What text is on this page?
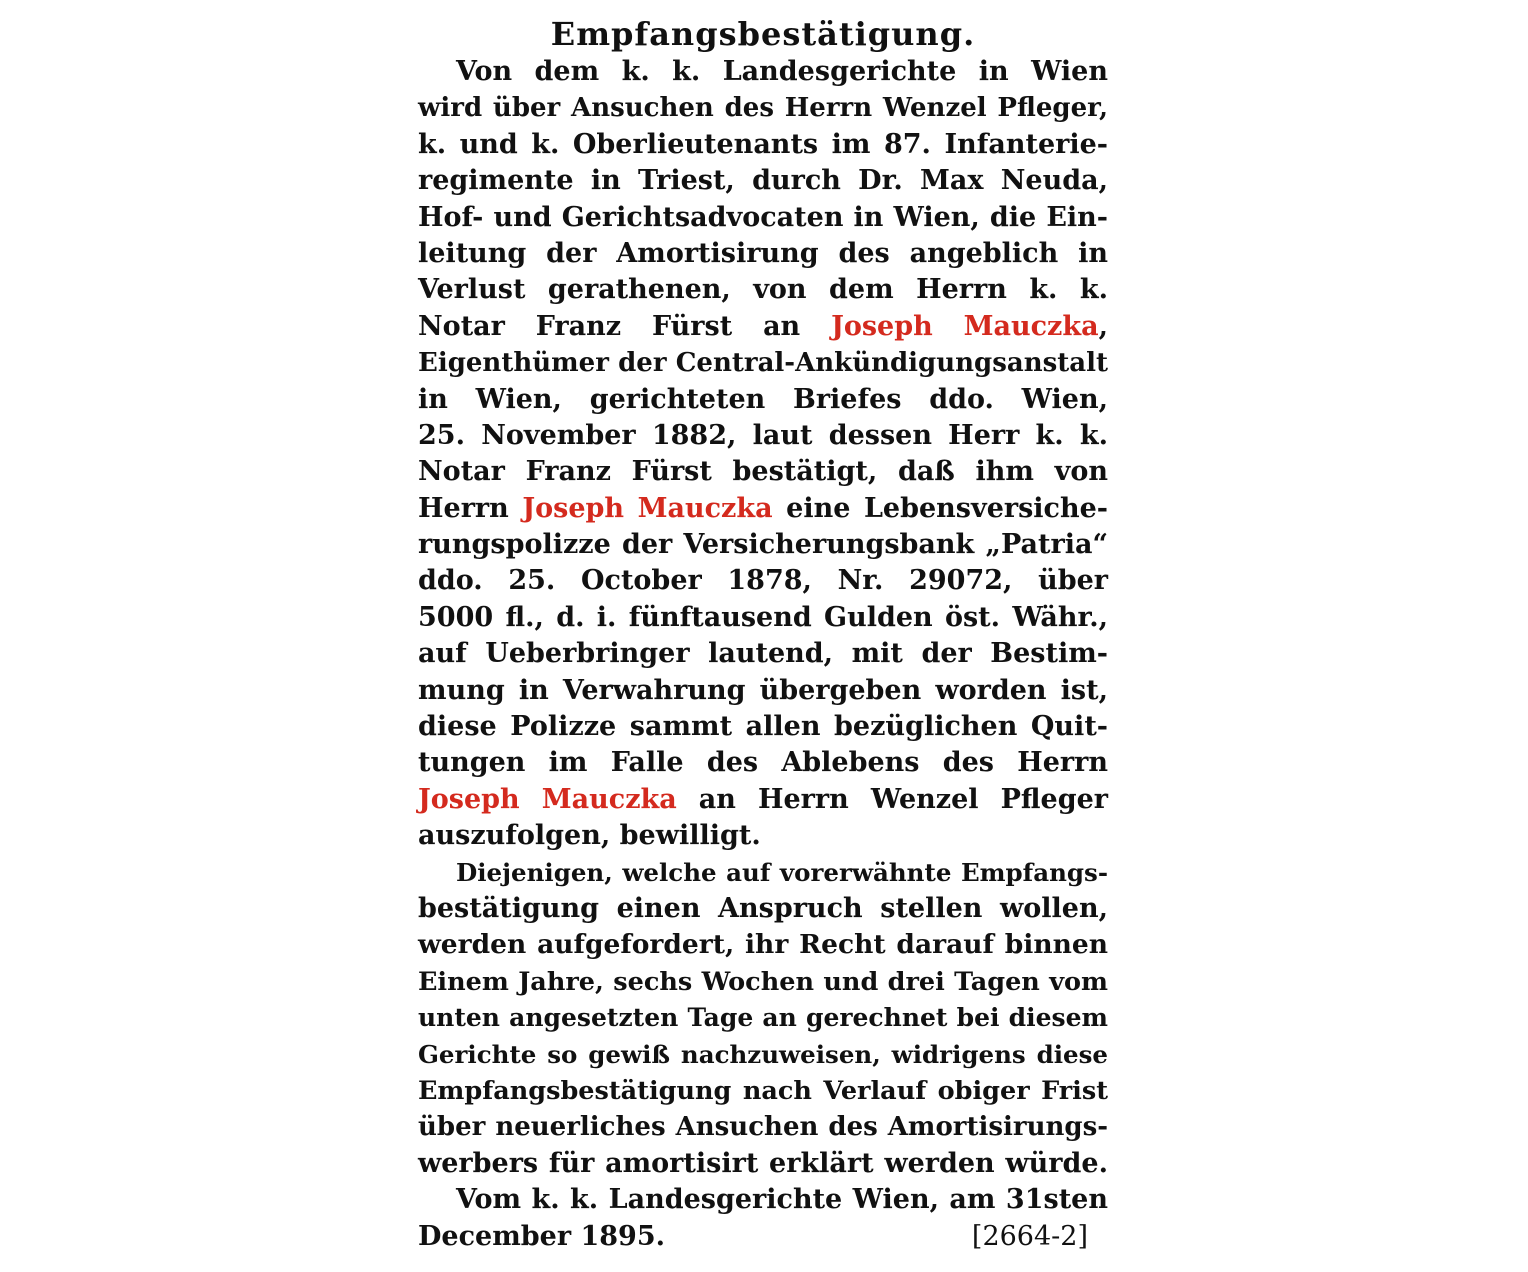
Empfangsbestätigung.
Von dem k. k. Landesgerichte in Wien
wird über Ansuchen des Herrn Wenzel Pfleger,
k. und k. Oberlieutenants im 87. Infanterie-
regimente in Triest, durch Dr. Max Neuda,
Hof- und Gerichtsadvocaten in Wien, die Ein-
leitung der Amortisirung des angeblich in
Verlust gerathenen, von dem Herrn k. k.
Notar Franz Fürst an Joseph Mauczka,
Eigenthümer der Central-Ankündigungsanstalt
in Wien, gerichteten Briefes ddo. Wien,
25. November 1882, laut dessen Herr k. k.
Notar Franz Fürst bestätigt, daß ihm von
Herrn Joseph Mauczka eine Lebensversiche-
rungspolizze der Versicherungsbank „Patria“
ddo. 25. October 1878, Nr. 29072, über
5000 fl., d. i. fünftausend Gulden öst. Währ.,
auf Ueberbringer lautend, mit der Bestim-
mung in Verwahrung übergeben worden ist,
diese Polizze sammt allen bezüglichen Quit-
tungen im Falle des Ablebens des Herrn
Joseph Mauczka an Herrn Wenzel Pfleger
auszufolgen, bewilligt.
Diejenigen, welche auf vorerwähnte Empfangs-
bestätigung einen Anspruch stellen wollen,
werden aufgefordert, ihr Recht darauf binnen
Einem Jahre, sechs Wochen und drei Tagen vom
unten angesetzten Tage an gerechnet bei diesem
Gerichte so gewiß nachzuweisen, widrigens diese
Empfangsbestätigung nach Verlauf obiger Frist
über neuerliches Ansuchen des Amortisirungs-
werbers für amortisirt erklärt werden würde.
Vom k. k. Landesgerichte Wien, am 31sten
December 1895.	[2664-2]
